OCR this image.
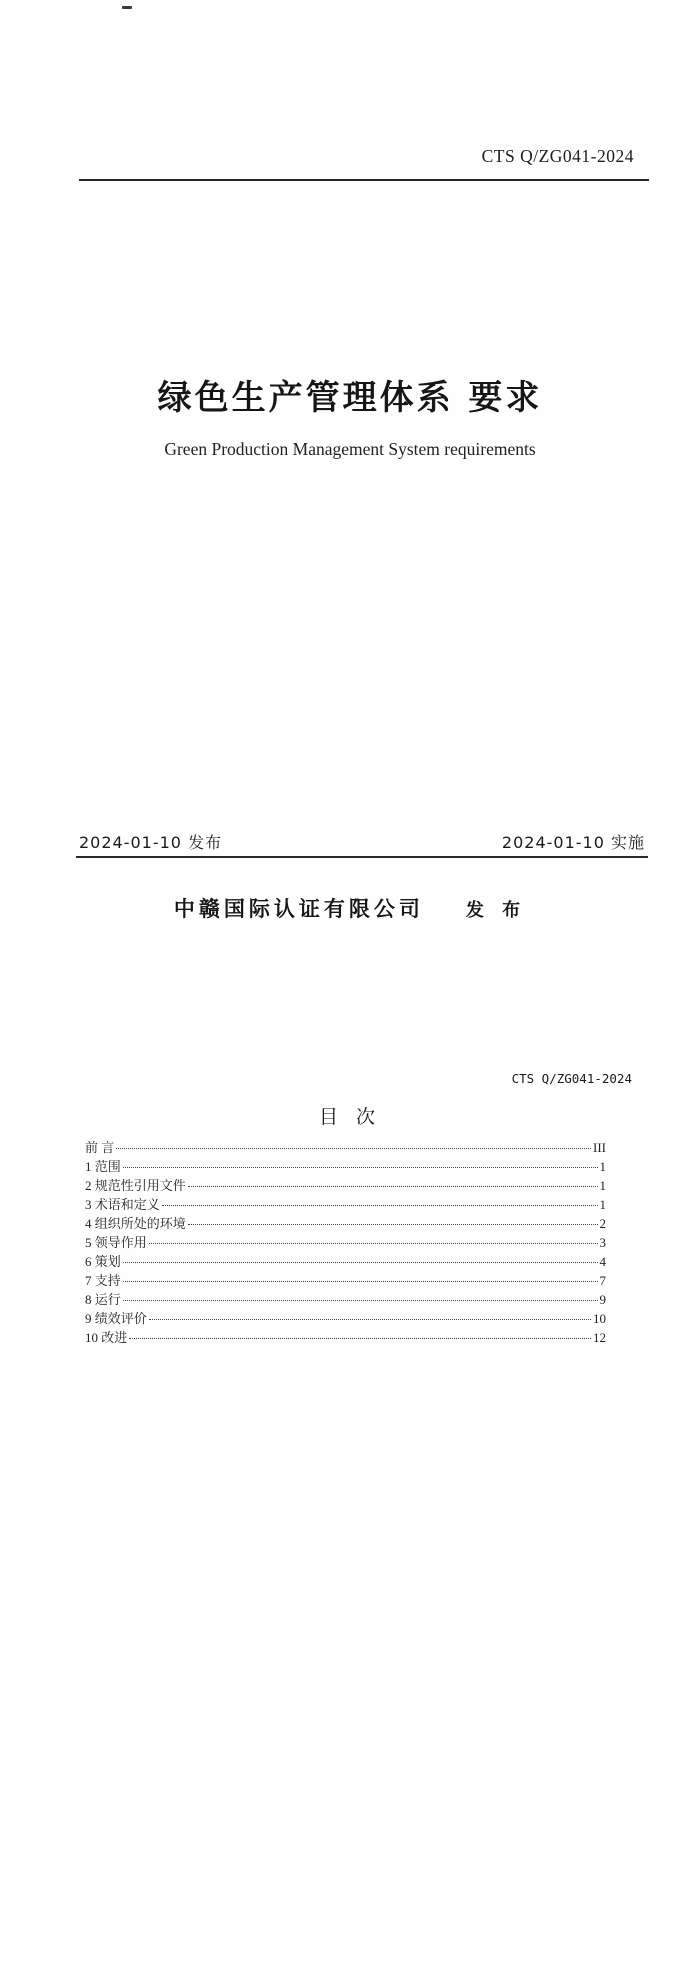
CTS Q/ZG041-2024
绿色生产管理体系 要求
Green Production Management System requirements
2024-01-10 发布	2024-01-10 实施
中赣国际认证有限公司 发 布
CTS Q/ZG041-2024
目 次
前 言	III
1 范围	1
2 规范性引用文件	1
3 术语和定义	1
4 组织所处的环境	2
5 领导作用	3
6 策划	4
7 支持	7
8 运行	9
9 绩效评价	10
10 改进	12
